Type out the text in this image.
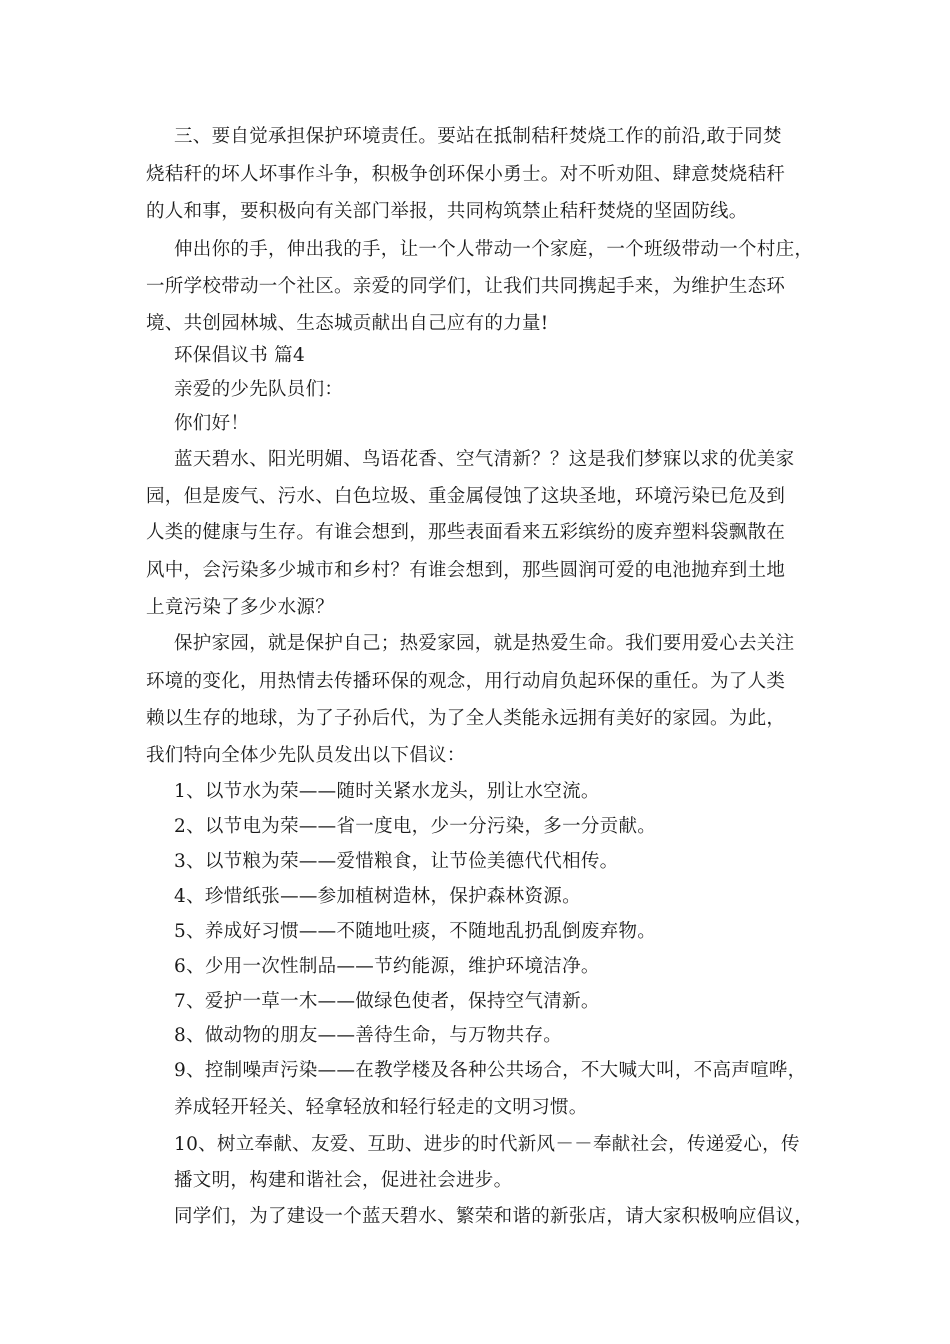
三、要自觉承担保护环境责任。要站在抵制秸秆焚烧工作的前沿,敢于同焚
烧秸秆的坏人坏事作斗争，积极争创环保小勇士。对不听劝阻、肆意焚烧秸秆
的人和事，要积极向有关部门举报，共同构筑禁止秸秆焚烧的坚固防线。
伸出你的手，伸出我的手，让一个人带动一个家庭，一个班级带动一个村庄，
一所学校带动一个社区。亲爱的同学们，让我们共同携起手来，为维护生态环
境、共创园林城、生态城贡献出自己应有的力量!
环保倡议书 篇4
亲爱的少先队员们：
你们好！
蓝天碧水、阳光明媚、鸟语花香、空气清新？？这是我们梦寐以求的优美家
园，但是废气、污水、白色垃圾、重金属侵蚀了这块圣地，环境污染已危及到
人类的健康与生存。有谁会想到，那些表面看来五彩缤纷的废弃塑料袋飘散在
风中，会污染多少城市和乡村？有谁会想到，那些圆润可爱的电池抛弃到土地
上竟污染了多少水源？
保护家园，就是保护自己；热爱家园，就是热爱生命。我们要用爱心去关注
环境的变化，用热情去传播环保的观念，用行动肩负起环保的重任。为了人类
赖以生存的地球，为了子孙后代，为了全人类能永远拥有美好的家园。为此，
我们特向全体少先队员发出以下倡议：
1、以节水为荣——随时关紧水龙头，别让水空流。
2、以节电为荣——省一度电，少一分污染，多一分贡献。
3、以节粮为荣——爱惜粮食，让节俭美德代代相传。
4、珍惜纸张——参加植树造林，保护森林资源。
5、养成好习惯——不随地吐痰，不随地乱扔乱倒废弃物。
6、少用一次性制品——节约能源，维护环境洁净。
7、爱护一草一木——做绿色使者，保持空气清新。
8、做动物的朋友——善待生命，与万物共存。
9、控制噪声污染——在教学楼及各种公共场合，不大喊大叫，不高声喧哗，
养成轻开轻关、轻拿轻放和轻行轻走的文明习惯。
10、树立奉献、友爱、互助、进步的时代新风－－奉献社会，传递爱心，传
播文明，构建和谐社会，促进社会进步。
同学们，为了建设一个蓝天碧水、繁荣和谐的新张店，请大家积极响应倡议，
